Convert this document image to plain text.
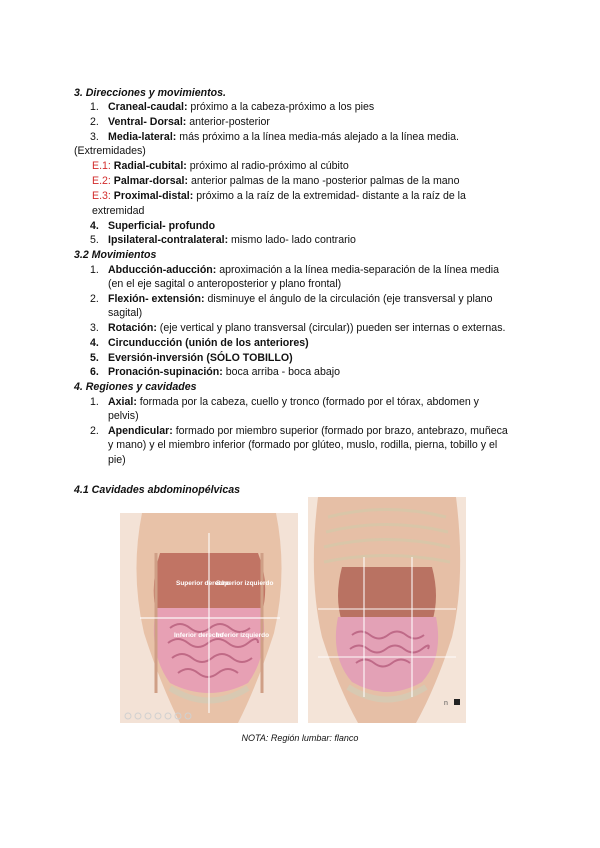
3. Direcciones y movimientos.
1. Craneal-caudal: próximo a la cabeza-próximo a los pies
2. Ventral- Dorsal: anterior-posterior
3. Media-lateral: más próximo a la línea media-más alejado a la línea media.
(Extremidades)
E.1: Radial-cubital: próximo al radio-próximo al cúbito
E.2: Palmar-dorsal: anterior palmas de la mano -posterior palmas de la mano
E.3: Proximal-distal: próximo a la raíz de la extremidad- distante a la raíz de la
extremidad
4. Superficial- profundo
5. Ipsilateral-contralateral: mismo lado- lado contrario
3.2 Movimientos
1. Abducción-aducción: aproximación a la línea media-separación de la línea media
(en el eje sagital o anteroposterior y plano frontal)
2. Flexión- extensión: disminuye el ángulo de la circulación (eje transversal y plano
sagital)
3. Rotación: (eje vertical y plano transversal (circular)) pueden ser internas o externas.
4. Circunducción (unión de los anteriores)
5. Eversión-inversión (SÓLO TOBILLO)
6. Pronación-supinación: boca arriba - boca abajo
4. Regiones y cavidades
1. Axial: formada por la cabeza, cuello y tronco (formado por el tórax, abdomen y
pelvis)
2. Apendicular: formado por miembro superior (formado por brazo, antebrazo, muñeca
y mano) y el miembro inferior (formado por glúteo, muslo, rodilla, pierna, tobillo y el
pie)
4.1 Cavidades abdominopélvicas
Superior derecho
Superior izquierdo
Inferior derecho
Inferior izquierdo
n
NOTA: Región lumbar: flanco
